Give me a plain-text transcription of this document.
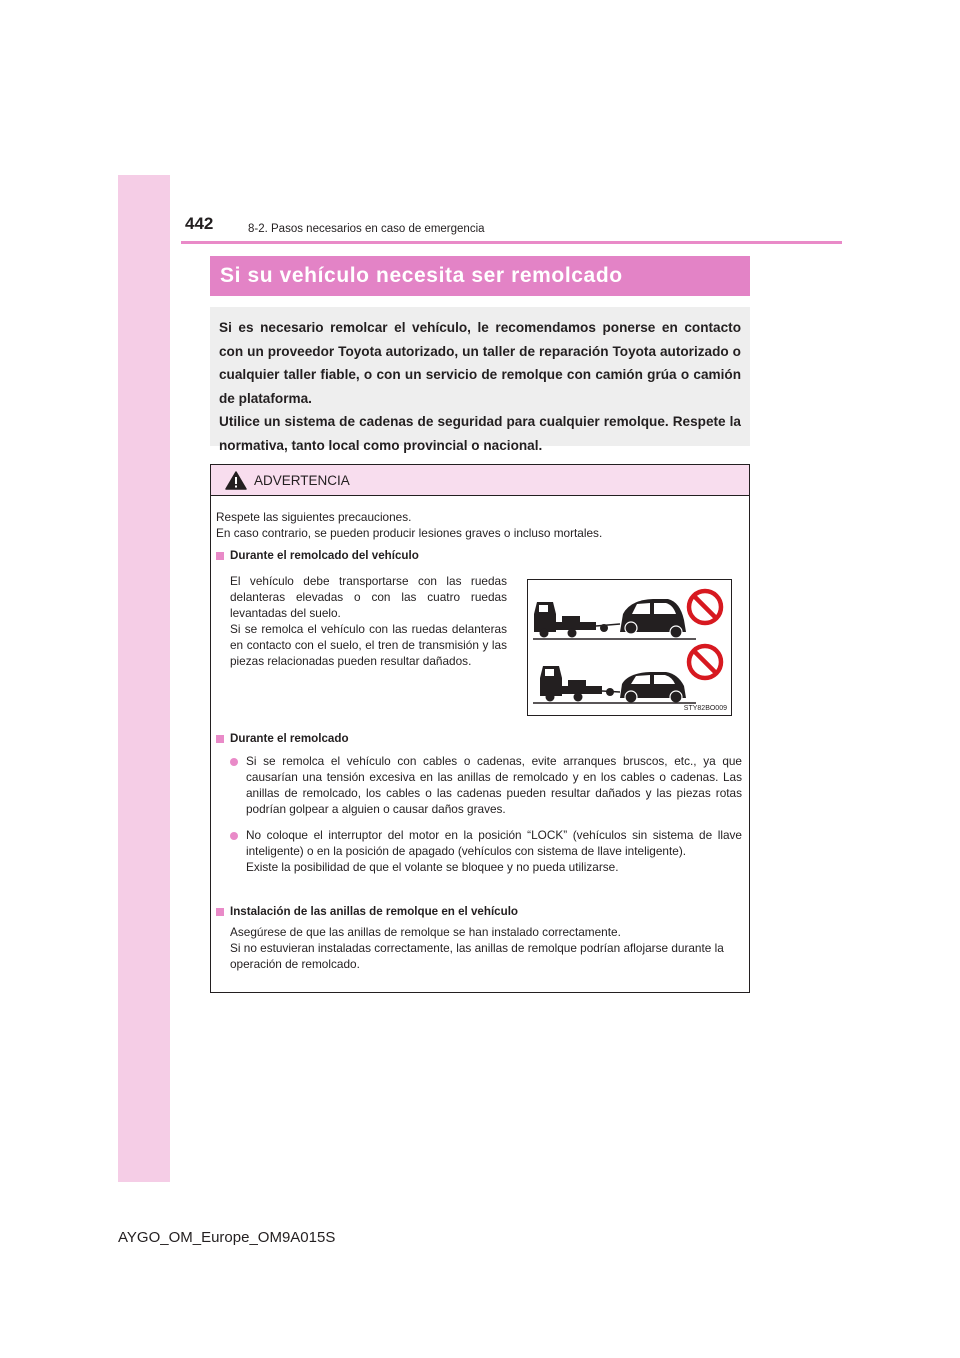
442	8-2. Pasos necesarios en caso de emergencia
Si su vehículo necesita ser remolcado

Si es necesario remolcar el vehículo, le recomendamos ponerse en contacto con un proveedor Toyota autorizado, un taller de reparación Toyota autorizado o cualquier taller fiable, o con un servicio de remolque con camión grúa o camión de plataforma.

Utilice un sistema de cadenas de seguridad para cualquier remolque. Respete la normativa, tanto local como provincial o nacional.

ADVERTENCIA
Respete las siguientes precauciones.
En caso contrario, se pueden producir lesiones graves o incluso mortales.
Durante el remolcado del vehículo
El vehículo debe transportarse con las ruedas delanteras elevadas o con las cuatro ruedas levantadas del suelo.
Si se remolca el vehículo con las ruedas delanteras en contacto con el suelo, el tren de transmisión y las piezas relacionadas pueden resultar dañados.
STY82BO009
Durante el remolcado
Si se remolca el vehículo con cables o cadenas, evite arranques bruscos, etc., ya que causarían una tensión excesiva en las anillas de remolcado y en los cables o cadenas. Las anillas de remolcado, los cables o las cadenas pueden resultar dañados y las piezas rotas podrían golpear a alguien o causar daños graves.
No coloque el interruptor del motor en la posición “LOCK” (vehículos sin sistema de llave inteligente) o en la posición de apagado (vehículos con sistema de llave inteligente).
Existe la posibilidad de que el volante se bloquee y no pueda utilizarse.
Instalación de las anillas de remolque en el vehículo
Asegúrese de que las anillas de remolque se han instalado correctamente.
Si no estuvieran instaladas correctamente, las anillas de remolque podrían aflojarse durante la operación de remolcado.
AYGO_OM_Europe_OM9A015S
